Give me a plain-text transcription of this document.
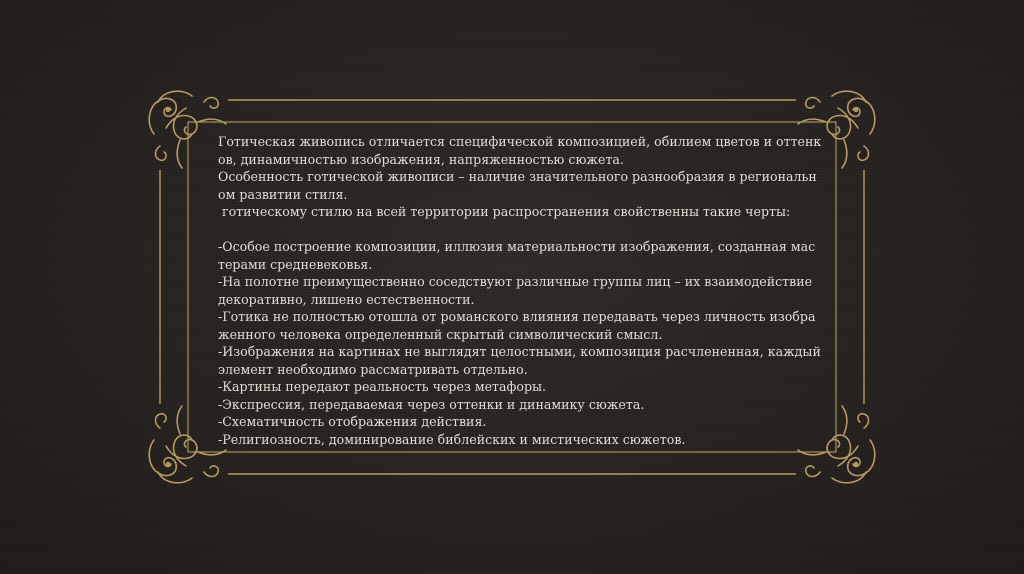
Готическая живопись отличается специфической композицией, обилием цветов и оттенк
ов, динамичностью изображения, напряженностью сюжета.
Особенность готической живописи – наличие значительного разнообразия в региональн
ом развитии стиля.
готическому стилю на всей территории распространения свойственны такие черты:
-Особое построение композиции, иллюзия материальности изображения, созданная мас
терами средневековья.
-На полотне преимущественно соседствуют различные группы лиц – их взаимодействие
декоративно, лишено естественности.
-Готика не полностью отошла от романского влияния передавать через личность изобра
женного человека определенный скрытый символический смысл.
-Изображения на картинах не выглядят целостными, композиция расчлененная, каждый
элемент необходимо рассматривать отдельно.
-Картины передают реальность через метафоры.
-Экспрессия, передаваемая через оттенки и динамику сюжета.
-Схематичность отображения действия.
-Религиозность, доминирование библейских и мистических сюжетов.
